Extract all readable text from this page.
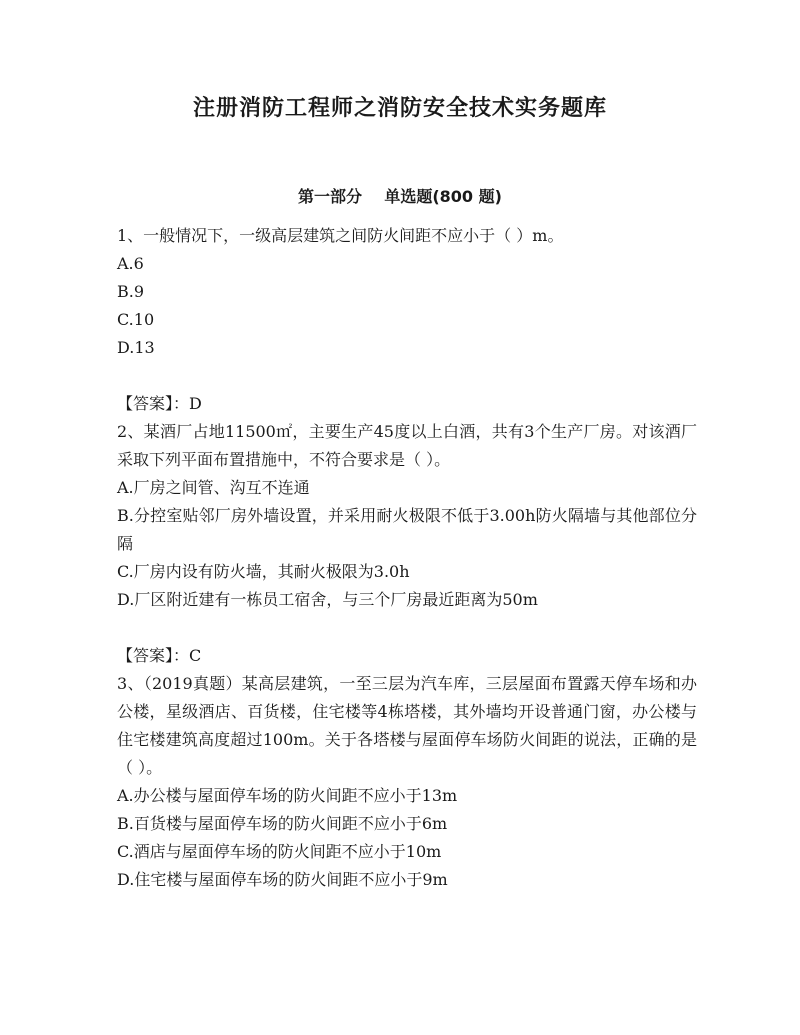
注册消防工程师之消防安全技术实务题库
第一部分    单选题(800 题)

1、一般情况下，一级高层建筑之间防火间距不应小于（ ）m。

A.6

B.9

C.10

D.13

【答案】：D

2、某酒厂占地11500㎡，主要生产45度以上白酒，共有3个生产厂房。对该酒厂采取下列平面布置措施中，不符合要求是（ ）。

A.厂房之间管、沟互不连通

B.分控室贴邻厂房外墙设置，并采用耐火极限不低于3.00h防火隔墙与其他部位分隔

C.厂房内设有防火墙，其耐火极限为3.0h

D.厂区附近建有一栋员工宿舍，与三个厂房最近距离为50m

【答案】：C

3、（2019真题）某高层建筑，一至三层为汽车库，三层屋面布置露天停车场和办公楼，星级酒店、百货楼，住宅楼等4栋塔楼，其外墙均开设普通门窗，办公楼与住宅楼建筑高度超过100m。关于各塔楼与屋面停车场防火间距的说法，正确的是（ ）。

A.办公楼与屋面停车场的防火间距不应小于13m

B.百货楼与屋面停车场的防火间距不应小于6m

C.酒店与屋面停车场的防火间距不应小于10m

D.住宅楼与屋面停车场的防火间距不应小于9m
